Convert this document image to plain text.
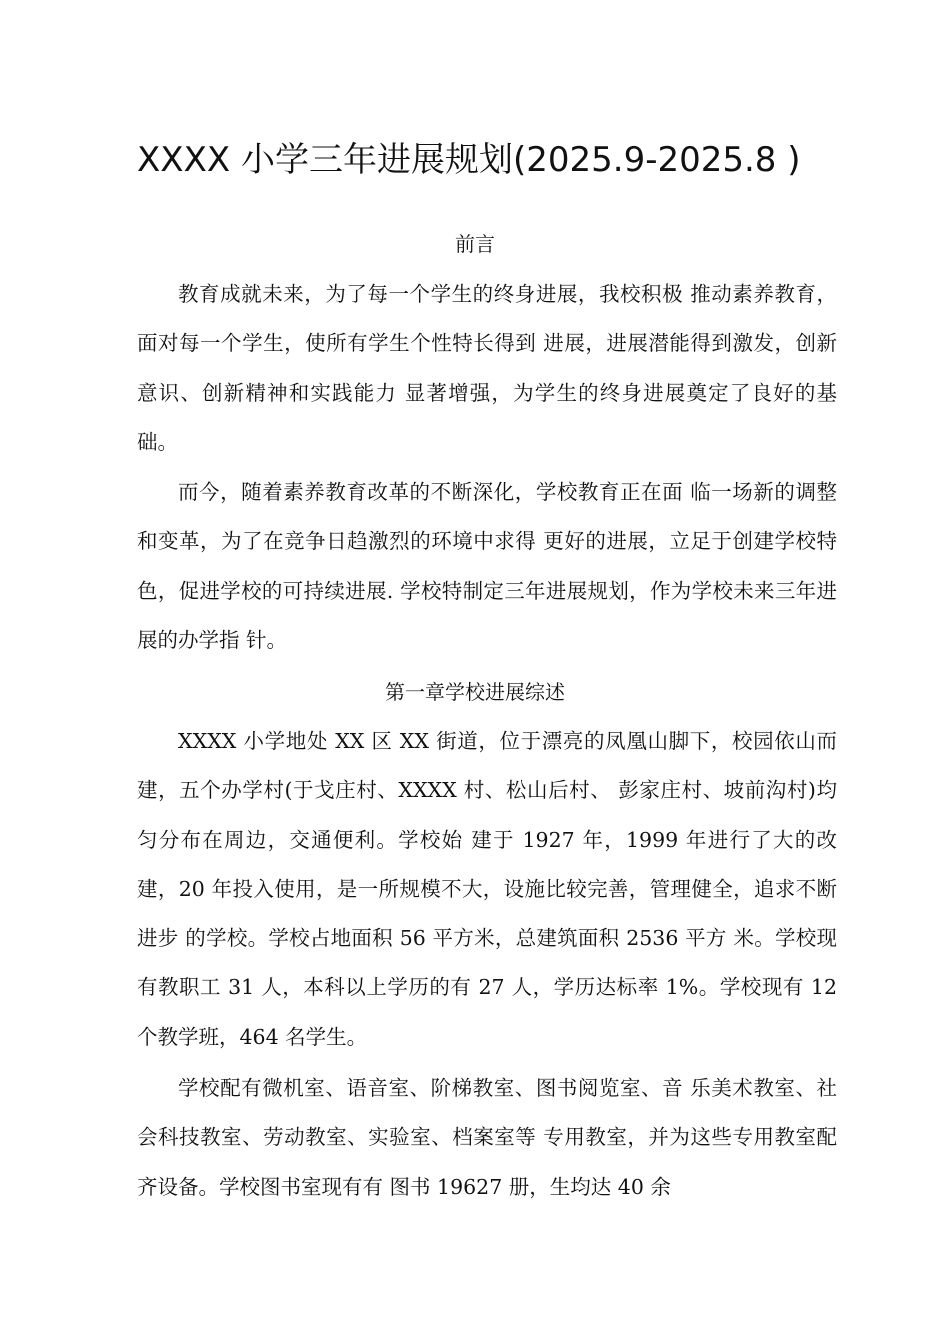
XXXX 小学三年进展规划(2025.9-2025.8 )
前言

教育成就未来，为了每一个学生的终身进展，我校积极 推动素养教育，面对每一个学生，使所有学生个性特长得到 进展，进展潜能得到激发，创新意识、创新精神和实践能力 显著增强，为学生的终身进展奠定了良好的基础。

而今，随着素养教育改革的不断深化，学校教育正在面 临一场新的调整和变革，为了在竞争日趋激烈的环境中求得 更好的进展，立足于创建学校特色，促进学校的可持续进展. 学校特制定三年进展规划，作为学校未来三年进展的办学指 针。

第一章学校进展综述

XXXX 小学地处 XX 区 XX 街道，位于漂亮的凤凰山脚下，校园依山而建，五个办学村(于戈庄村、XXXX 村、松山后村、 彭家庄村、坡前沟村)均匀分布在周边，交通便利。学校始 建于 1927 年，1999 年进行了大的改建，20 年投入使用，是一所规模不大，设施比较完善，管理健全，追求不断进步 的学校。学校占地面积 56 平方米，总建筑面积 2536 平方 米。学校现有教职工 31 人，本科以上学历的有 27 人，学历达标率 1%。学校现有 12 个教学班，464 名学生。

学校配有微机室、语音室、阶梯教室、图书阅览室、音 乐美术教室、社会科技教室、劳动教室、实验室、档案室等 专用教室，并为这些专用教室配齐设备。学校图书室现有有 图书 19627 册，生均达 40 余
